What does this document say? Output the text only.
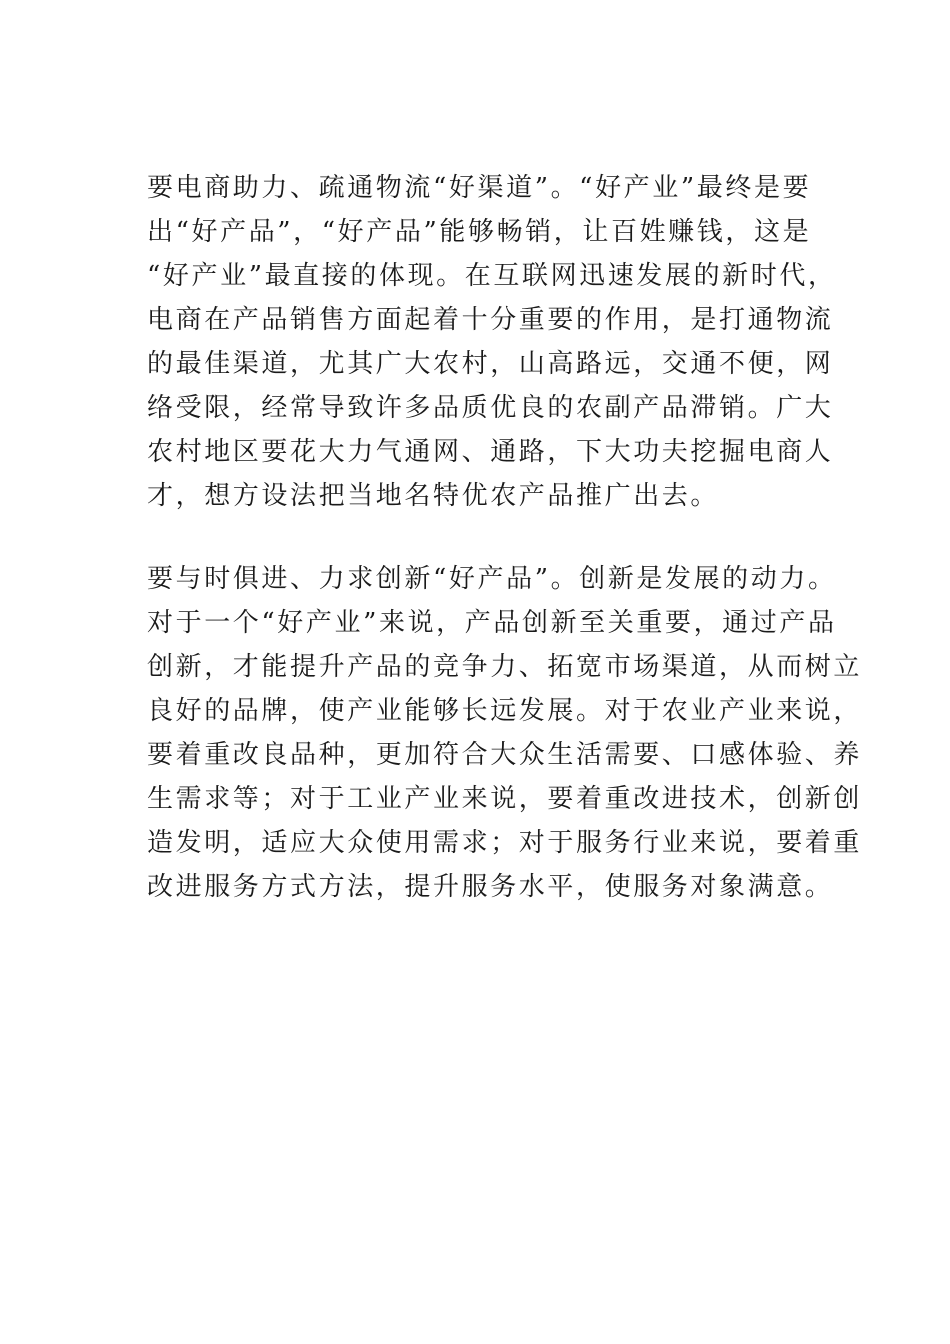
要电商助力、疏通物流“好渠道”。“好产业”最终是要
出“好产品”，“好产品”能够畅销，让百姓赚钱，这是
“好产业”最直接的体现。在互联网迅速发展的新时代，
电商在产品销售方面起着十分重要的作用，是打通物流
的最佳渠道，尤其广大农村，山高路远，交通不便，网
络受限，经常导致许多品质优良的农副产品滞销。广大
农村地区要花大力气通网、通路，下大功夫挖掘电商人
才，想方设法把当地名特优农产品推广出去。
要与时俱进、力求创新“好产品”。创新是发展的动力。
对于一个“好产业”来说，产品创新至关重要，通过产品
创新，才能提升产品的竞争力、拓宽市场渠道，从而树立
良好的品牌，使产业能够长远发展。对于农业产业来说，
要着重改良品种，更加符合大众生活需要、口感体验、养
生需求等；对于工业产业来说，要着重改进技术，创新创
造发明，适应大众使用需求；对于服务行业来说，要着重
改进服务方式方法，提升服务水平，使服务对象满意。
